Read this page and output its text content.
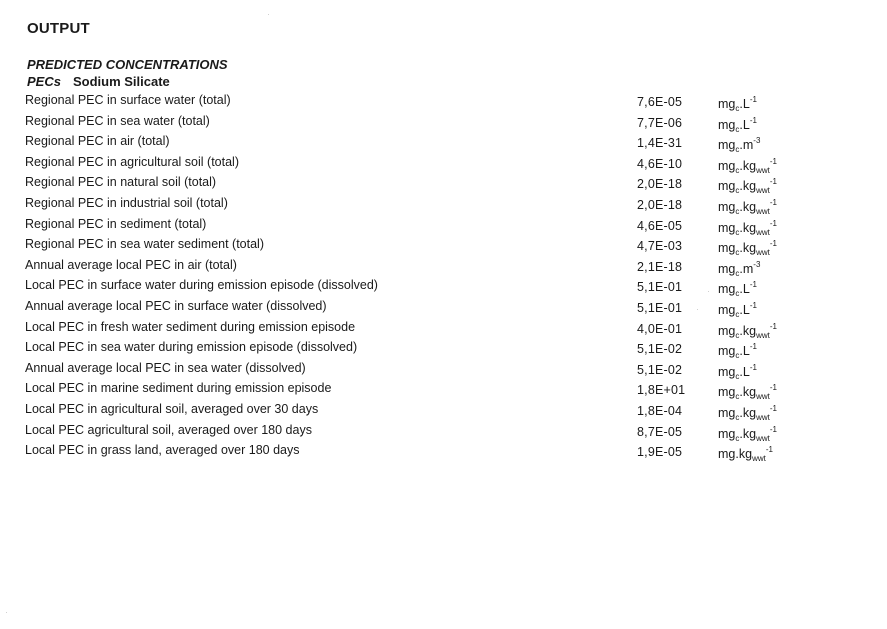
OUTPUT
PREDICTED CONCENTRATIONS
PECs Sodium Silicate
Regional PEC in surface water (total)	7,6E-05	$mg_c.L^{-1}$
Regional PEC in sea water (total)	7,7E-06	$mg_c.L^{-1}$
Regional PEC in air (total)	1,4E-31	$mg_c.m^{-3}$
Regional PEC in agricultural soil (total)	4,6E-10	$mg_c.kg_{wwt}^{-1}$
Regional PEC in natural soil (total)	2,0E-18	$mg_c.kg_{wwt}^{-1}$
Regional PEC in industrial soil (total)	2,0E-18	$mg_c.kg_{wwt}^{-1}$
Regional PEC in sediment (total)	4,6E-05	$mg_c.kg_{wwt}^{-1}$
Regional PEC in sea water sediment (total)	4,7E-03	$mg_c.kg_{wwt}^{-1}$
Annual average local PEC in air (total)	2,1E-18	$mg_c.m^{-3}$
Local PEC in surface water during emission episode (dissolved)	5,1E-01	$mg_c.L^{-1}$
Annual average local PEC in surface water (dissolved)	5,1E-01	$mg_c.L^{-1}$
Local PEC in fresh water sediment during emission episode	4,0E-01	$mg_c.kg_{wwt}^{-1}$
Local PEC in sea water during emission episode (dissolved)	5,1E-02	$mg_c.L^{-1}$
Annual average local PEC in sea water (dissolved)	5,1E-02	$mg_c.L^{-1}$
Local PEC in marine sediment during emission episode	1,8E+01	$mg_c.kg_{wwt}^{-1}$
Local PEC in agricultural soil, averaged over 30 days	1,8E-04	$mg_c.kg_{wwt}^{-1}$
Local PEC agricultural soil, averaged over 180 days	8,7E-05	$mg_c.kg_{wwt}^{-1}$
Local PEC in grass land, averaged over 180 days	1,9E-05	$mg.kg_{wwt}^{-1}$
